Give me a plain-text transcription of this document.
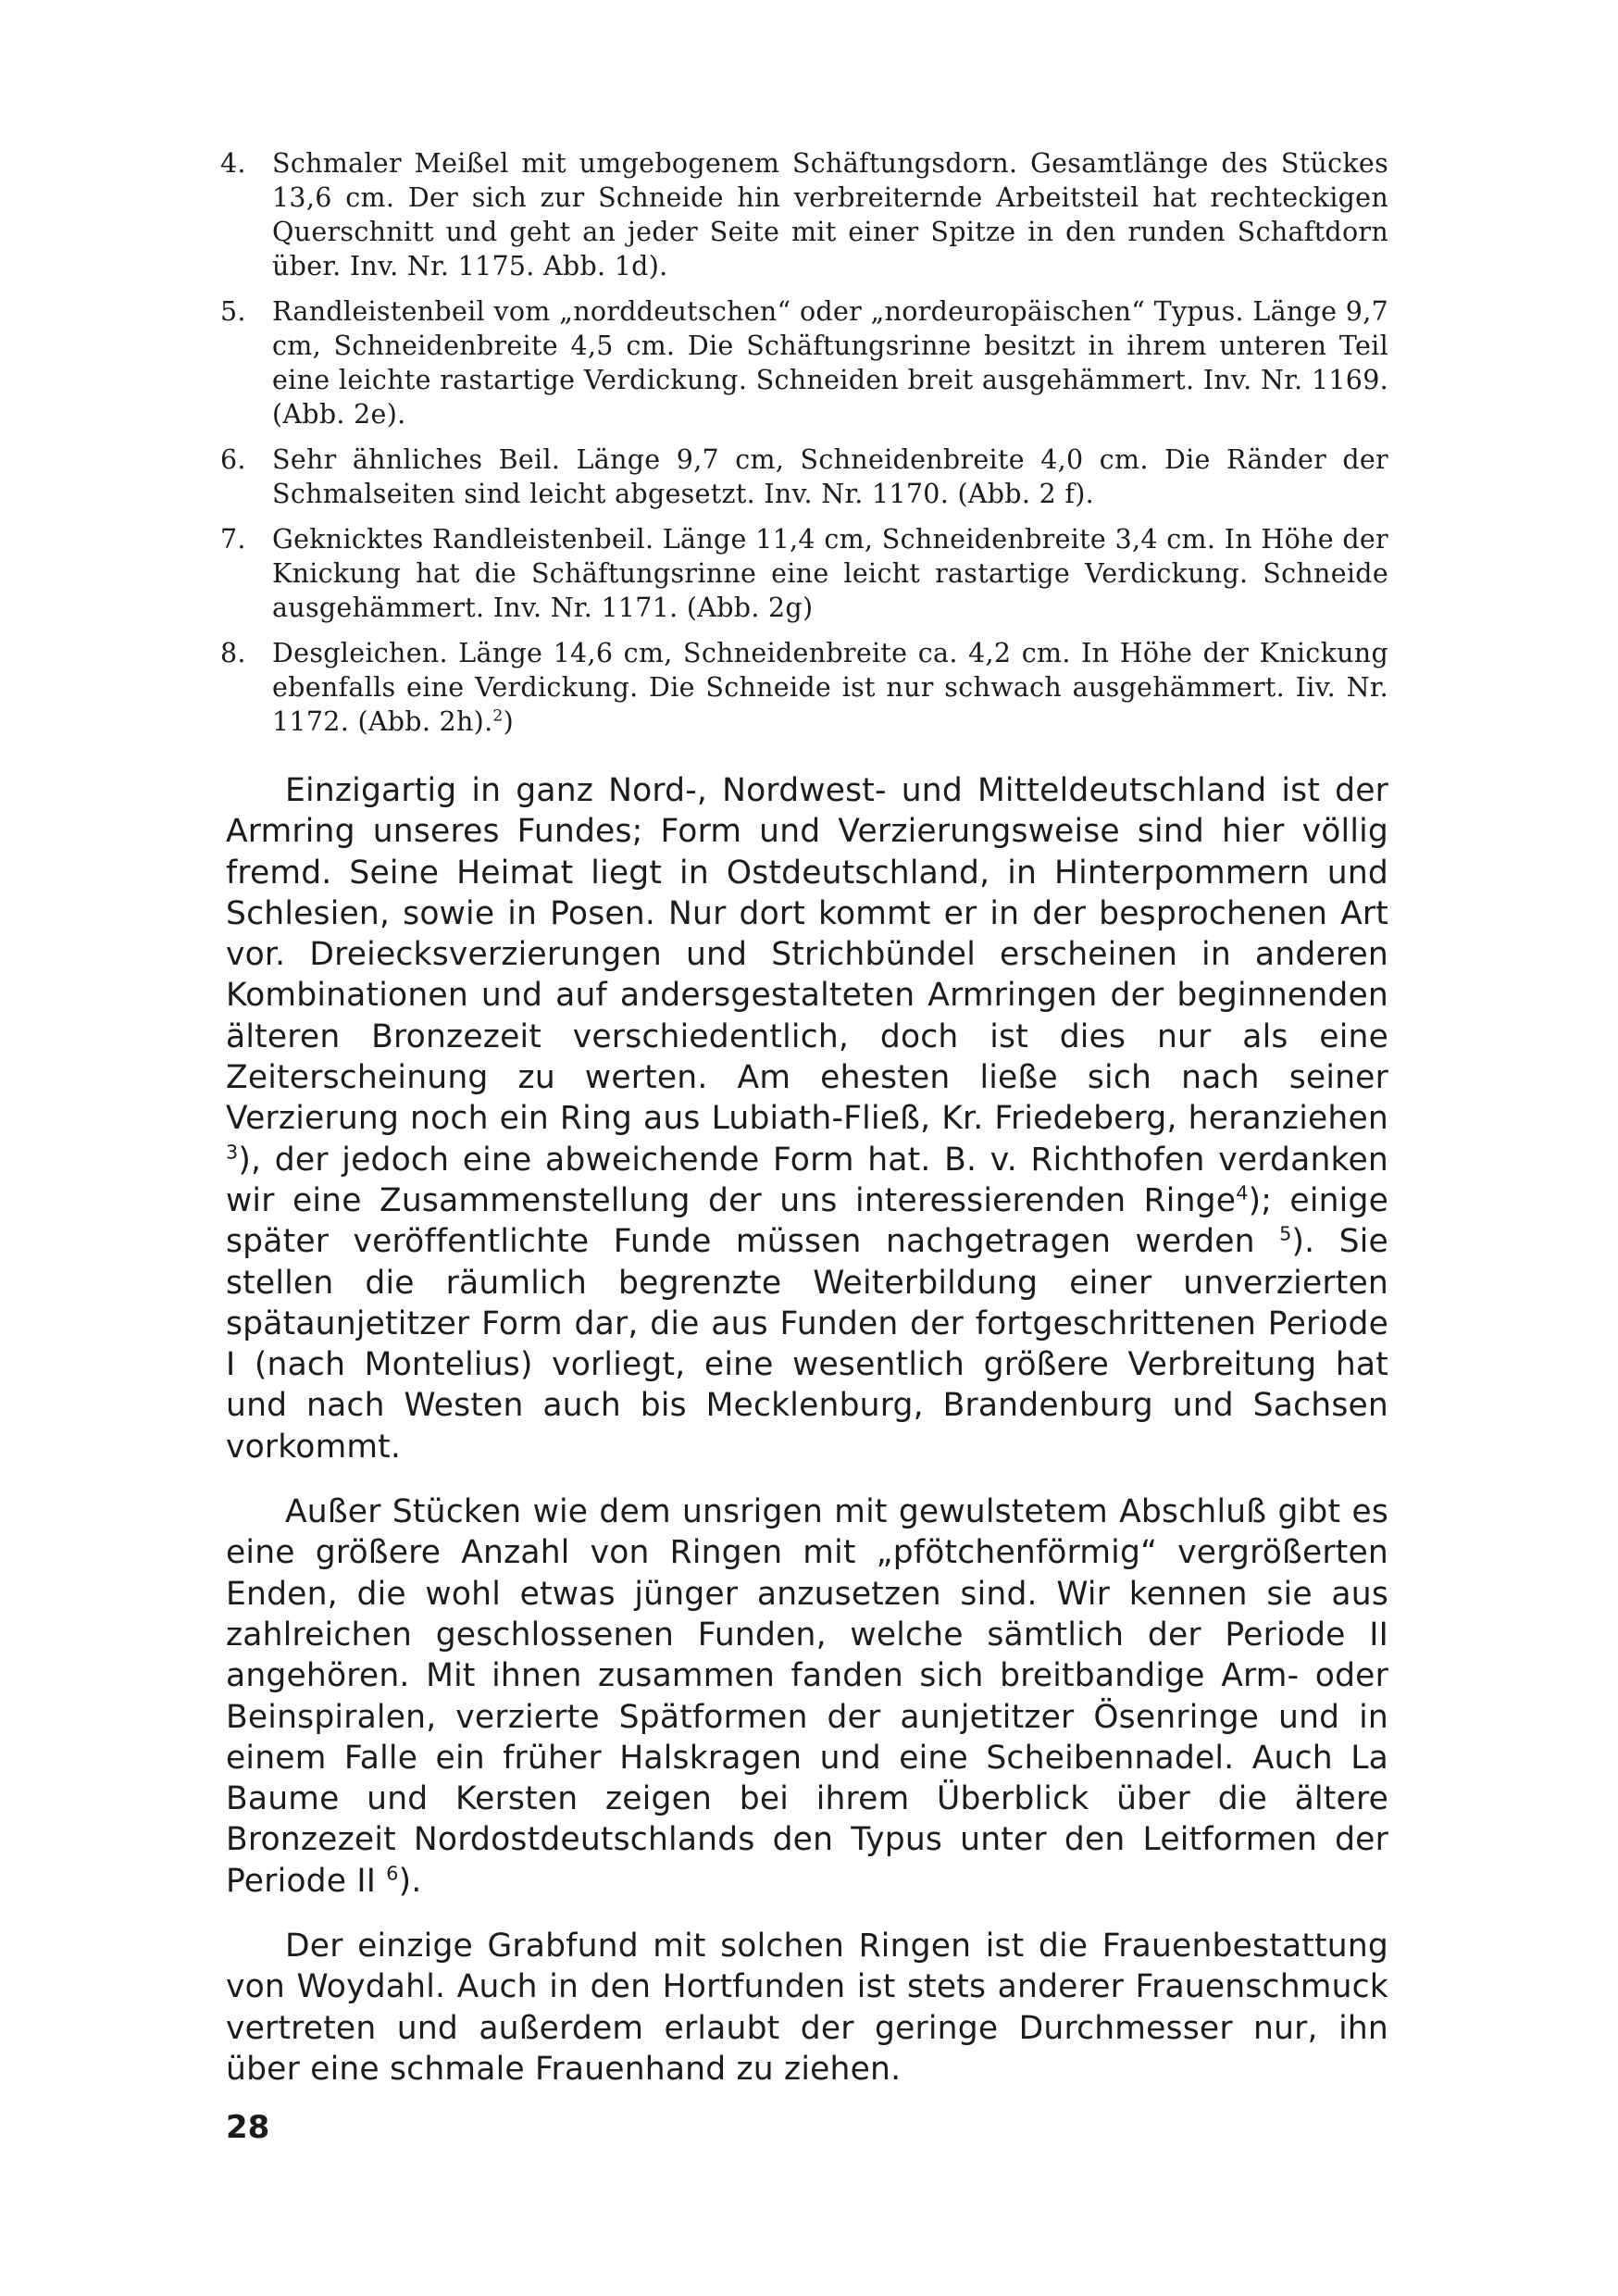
4. Schmaler Meißel mit umgebogenem Schäftungsdorn. Gesamtlänge des Stückes 13,6 cm. Der sich zur Schneide hin verbreiternde Arbeitsteil hat rechteckigen Querschnitt und geht an jeder Seite mit einer Spitze in den runden Schaftdorn über. Inv. Nr. 1175. Abb. 1d).
5. Randleistenbeil vom „norddeutschen“ oder „nordeuropäischen“ Typus. Länge 9,7 cm, Schneidenbreite 4,5 cm. Die Schäftungsrinne besitzt in ihrem unteren Teil eine leichte rastartige Verdickung. Schneiden breit ausgehämmert. Inv. Nr. 1169. (Abb. 2e).
6. Sehr ähnliches Beil. Länge 9,7 cm, Schneidenbreite 4,0 cm. Die Ränder der Schmalseiten sind leicht abgesetzt. Inv. Nr. 1170. (Abb. 2 f).
7. Geknicktes Randleistenbeil. Länge 11,4 cm, Schneidenbreite 3,4 cm. In Höhe der Knickung hat die Schäftungsrinne eine leicht rastartige Verdickung. Schneide ausgehämmert. Inv. Nr. 1171. (Abb. 2g)
8. Desgleichen. Länge 14,6 cm, Schneidenbreite ca. 4,2 cm. In Höhe der Knickung ebenfalls eine Verdickung. Die Schneide ist nur schwach ausgehämmert. Iiv. Nr. 1172. (Abb. 2h).$^2$)

Einzigartig in ganz Nord-, Nordwest- und Mitteldeutschland ist der Armring unseres Fundes; Form und Verzierungsweise sind hier völlig fremd. Seine Heimat liegt in Ostdeutschland, in Hinterpommern und Schlesien, sowie in Posen. Nur dort kommt er in der besprochenen Art vor. Dreiecksverzierungen und Strichbündel erscheinen in anderen Kombinationen und auf andersgestalteten Armringen der beginnenden älteren Bronzezeit verschiedentlich, doch ist dies nur als eine Zeiterscheinung zu werten. Am ehesten ließe sich nach seiner Verzierung noch ein Ring aus Lubiath-Fließ, Kr. Friedeberg, heranziehen $^3$), der jedoch eine abweichende Form hat. B. v. Richthofen verdanken wir eine Zusammenstellung der uns interessierenden Ringe$^4$); einige später veröffentlichte Funde müssen nachgetragen werden $^5$). Sie stellen die räumlich begrenzte Weiterbildung einer unverzierten spätaunjetitzer Form dar, die aus Funden der fortgeschrittenen Periode I (nach Montelius) vorliegt, eine wesentlich größere Verbreitung hat und nach Westen auch bis Mecklenburg, Brandenburg und Sachsen vorkommt.

Außer Stücken wie dem unsrigen mit gewulstetem Abschluß gibt es eine größere Anzahl von Ringen mit „pfötchenförmig“ vergrößerten Enden, die wohl etwas jünger anzusetzen sind. Wir kennen sie aus zahlreichen geschlossenen Funden, welche sämtlich der Periode II angehören. Mit ihnen zusammen fanden sich breitbandige Arm- oder Beinspiralen, verzierte Spätformen der aunjetitzer Ösenringe und in einem Falle ein früher Halskragen und eine Scheibennadel. Auch La Baume und Kersten zeigen bei ihrem Überblick über die ältere Bronzezeit Nordostdeutschlands den Typus unter den Leitformen der Periode II $^6$).

Der einzige Grabfund mit solchen Ringen ist die Frauenbestattung von Woydahl. Auch in den Hortfunden ist stets anderer Frauenschmuck vertreten und außerdem erlaubt der geringe Durchmesser nur, ihn über eine schmale Frauenhand zu ziehen.

28
